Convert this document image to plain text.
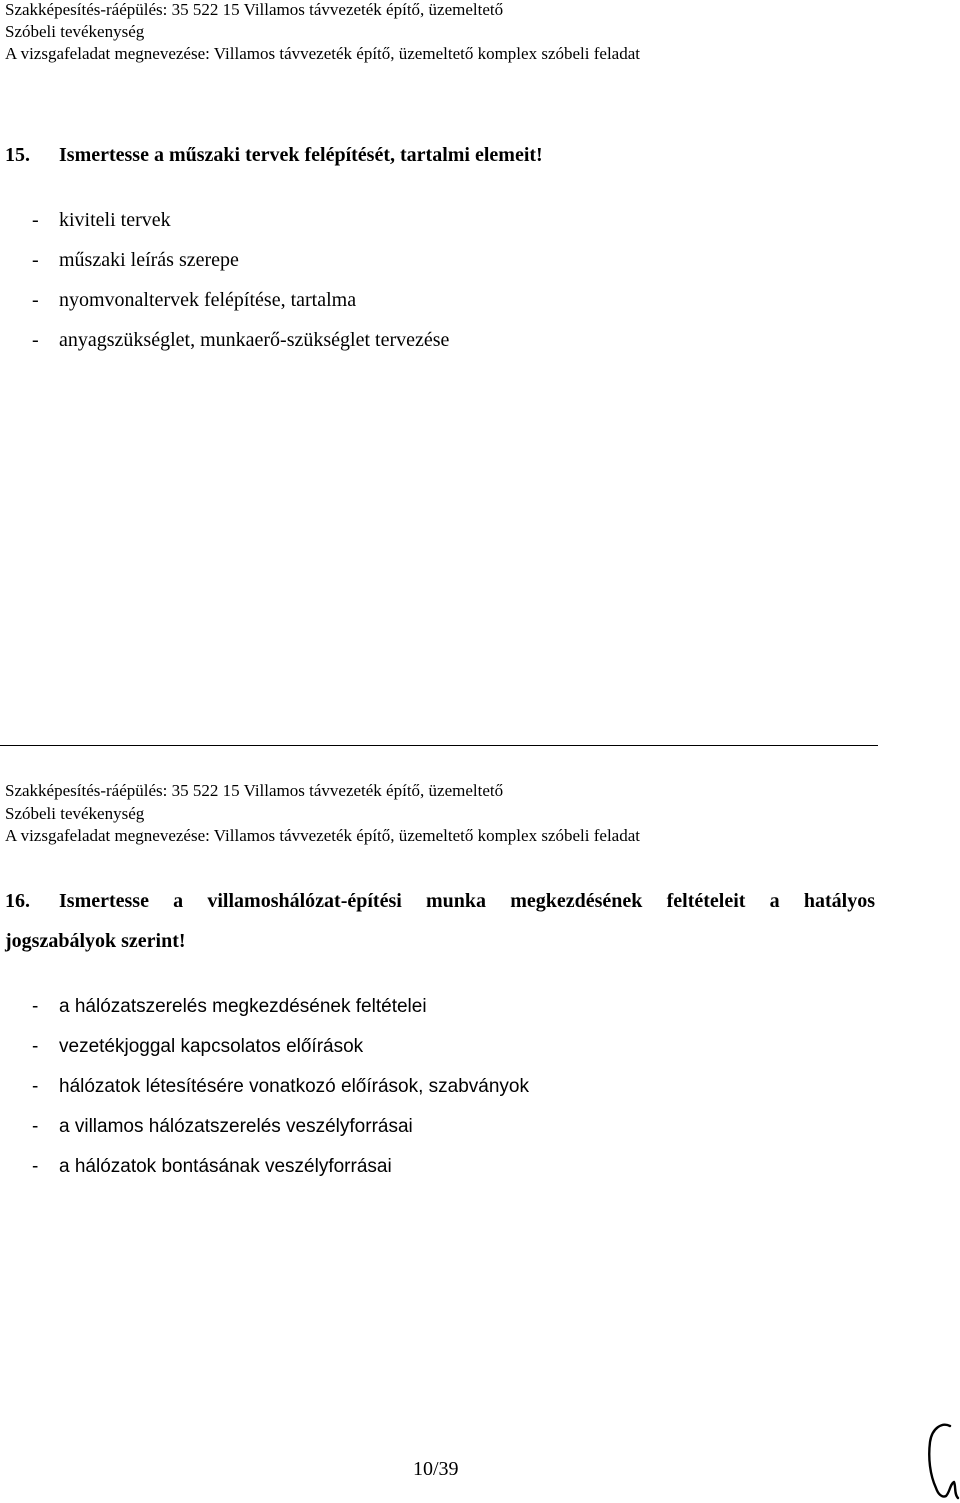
Szakképesítés-ráépülés: 35 522 15 Villamos távvezeték építő, üzemeltető
Szóbeli tevékenység
A vizsgafeladat megnevezése: Villamos távvezeték építő, üzemeltető komplex szóbeli feladat
15. Ismertesse a műszaki tervek felépítését, tartalmi elemeit!
- kiviteli tervek
- műszaki leírás szerepe
- nyomvonaltervek felépítése, tartalma
- anyagszükséglet, munkaerő-szükséglet tervezése
Szakképesítés-ráépülés: 35 522 15 Villamos távvezeték építő, üzemeltető
Szóbeli tevékenység
A vizsgafeladat megnevezése: Villamos távvezeték építő, üzemeltető komplex szóbeli feladat
16. Ismertesse a villamoshálózat-építési munka megkezdésének feltételeit a hatályos
jogszabályok szerint!
- a hálózatszerelés megkezdésének feltételei
- vezetékjoggal kapcsolatos előírások
- hálózatok létesítésére vonatkozó előírások, szabványok
- a villamos hálózatszerelés veszélyforrásai
- a hálózatok bontásának veszélyforrásai
10/39
